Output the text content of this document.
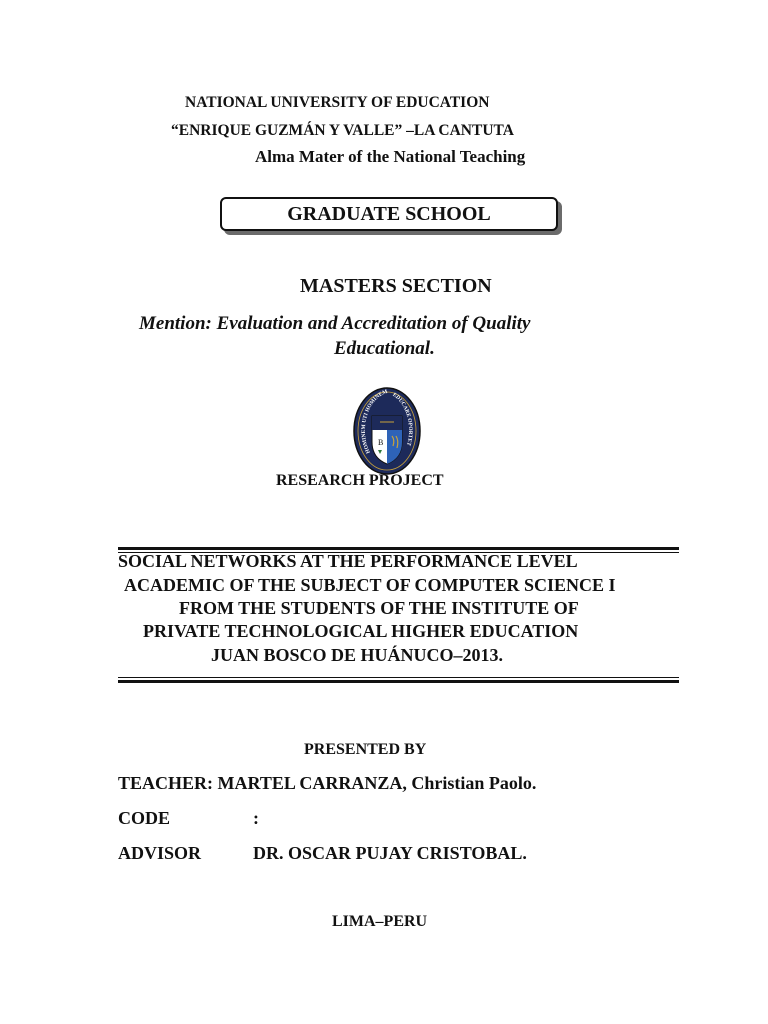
NATIONAL UNIVERSITY OF EDUCATION
“ENRIQUE GUZMÁN Y VALLE” –LA CANTUTA
Alma Mater of the National Teaching
GRADUATE SCHOOL
MASTERS SECTION
Mention: Evaluation and Accreditation of Quality
Educational.
HOMINEM UTI HOMINEM EDUCARE OPORTET
B
RESEARCH PROJECT
SOCIAL NETWORKS AT THE PERFORMANCE LEVEL
ACADEMIC OF THE SUBJECT OF COMPUTER SCIENCE I
FROM THE STUDENTS OF THE INSTITUTE OF
PRIVATE TECHNOLOGICAL HIGHER EDUCATION
JUAN BOSCO DE HUÁNUCO–2013.
PRESENTED BY
TEACHER: MARTEL CARRANZA, Christian Paolo.
CODE	:
ADVISOR	DR. OSCAR PUJAY CRISTOBAL.
LIMA–PERU
